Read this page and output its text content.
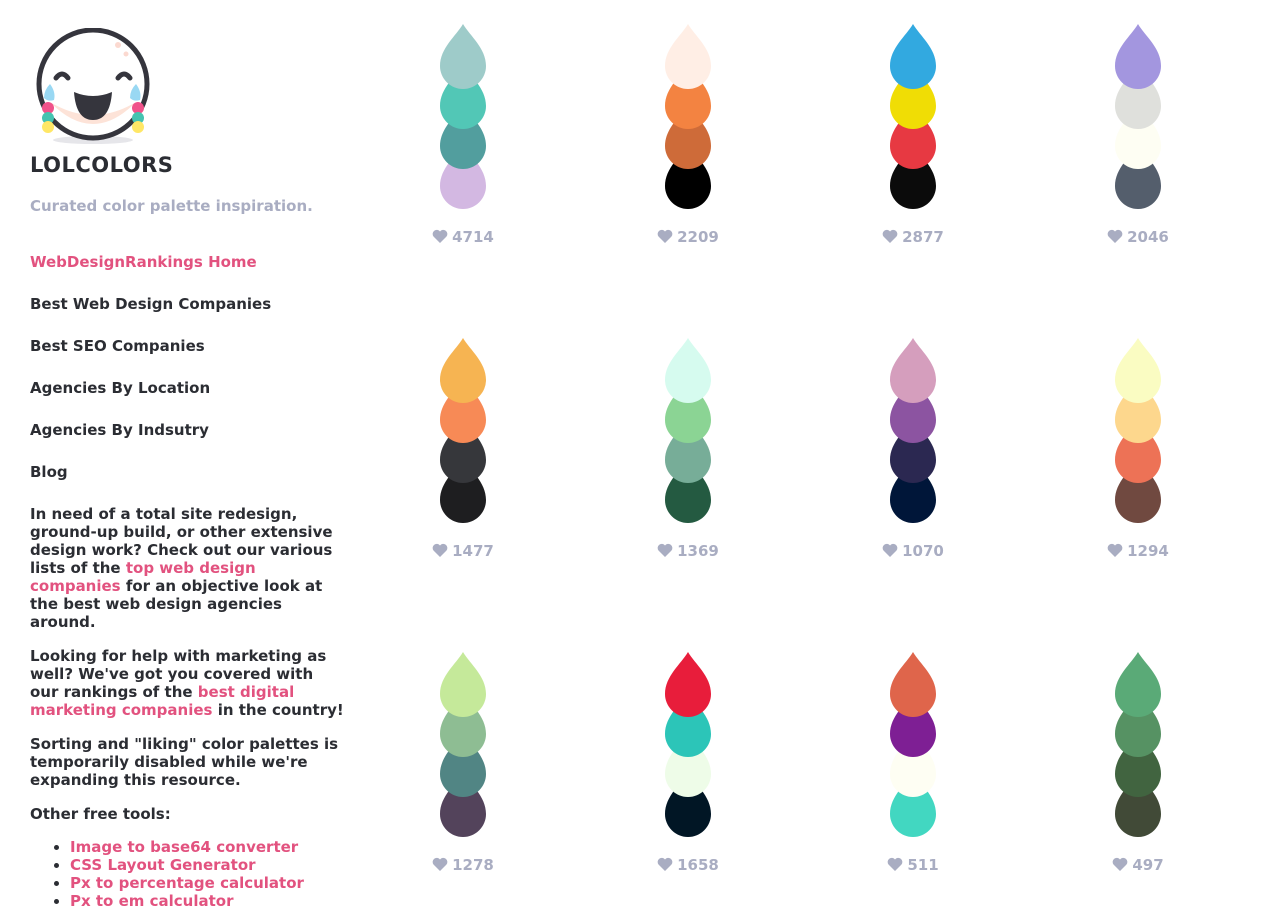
LOLCOLORS

Curated color palette inspiration.

WebDesignRankings Home
Best Web Design Companies
Best SEO Companies
Agencies By Location
Agencies By Indsutry
Blog

In need of a total site redesign, ground-up build, or other extensive design work? Check out our various lists of the top web design companies for an objective look at the best web design agencies around.

Looking for help with marketing as well? We've got you covered with our rankings of the best digital marketing companies in the country!

Sorting and "liking" color palettes is temporarily disabled while we're expanding this resource.

Other free tools:

• Image to base64 converter
• CSS Layout Generator
• Px to percentage calculator
• Px to em calculator
4714	2209	2877	2046
1477	1369	1070	1294
1278	1658	511	497
